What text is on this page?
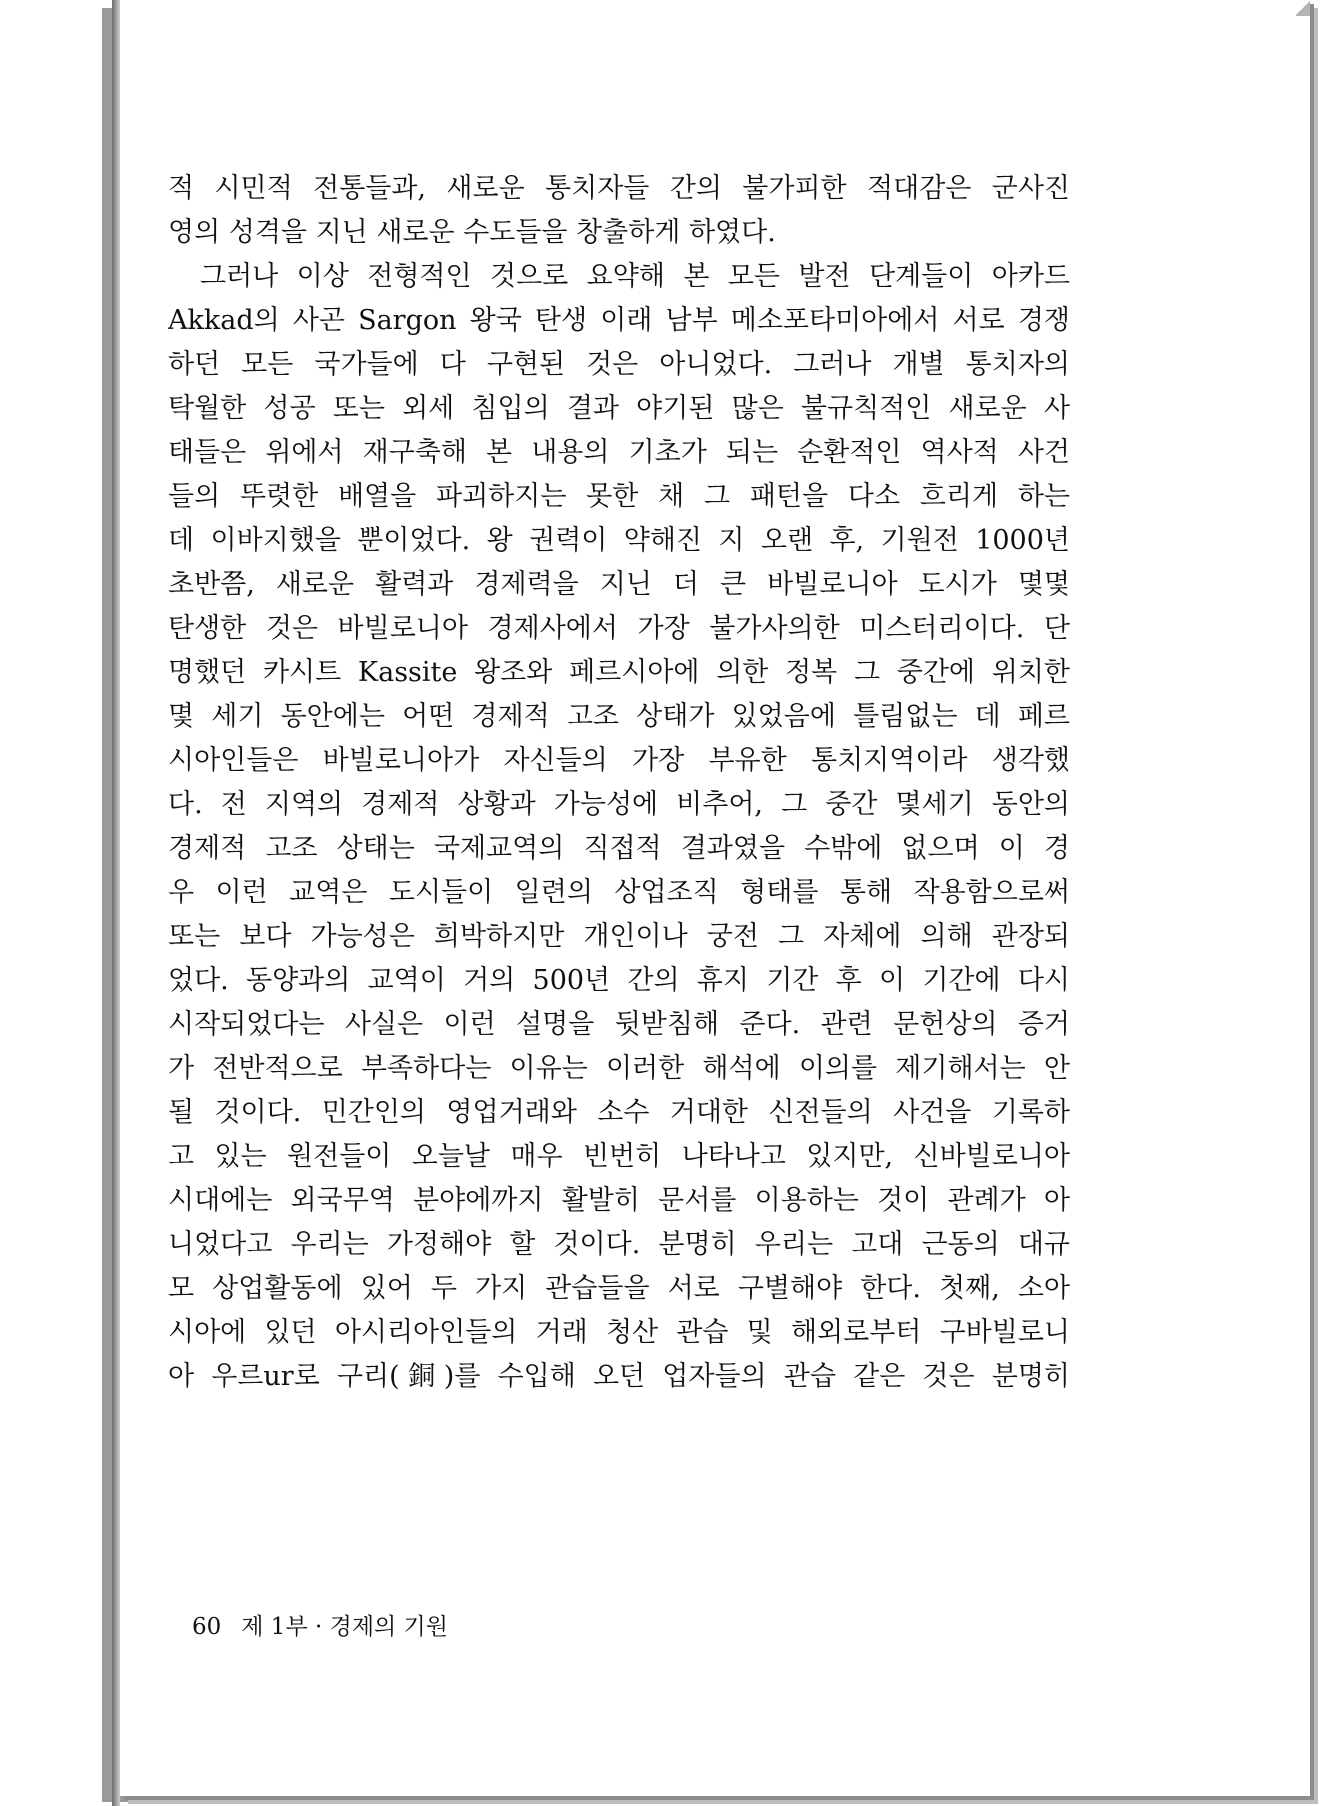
적 시민적 전통들과, 새로운 통치자들 간의 불가피한 적대감은 군사진
영의 성격을 지닌 새로운 수도들을 창출하게 하였다.
그러나 이상 전형적인 것으로 요약해 본 모든 발전 단계들이 아카드
Akkad의 사곤 Sargon 왕국 탄생 이래 남부 메소포타미아에서 서로 경쟁
하던 모든 국가들에 다 구현된 것은 아니었다. 그러나 개별 통치자의
탁월한 성공 또는 외세 침입의 결과 야기된 많은 불규칙적인 새로운 사
태들은 위에서 재구축해 본 내용의 기초가 되는 순환적인 역사적 사건
들의 뚜렷한 배열을 파괴하지는 못한 채 그 패턴을 다소 흐리게 하는
데 이바지했을 뿐이었다. 왕 권력이 약해진 지 오랜 후, 기원전 1000년
초반쯤, 새로운 활력과 경제력을 지닌 더 큰 바빌로니아 도시가 몇몇
탄생한 것은 바빌로니아 경제사에서 가장 불가사의한 미스터리이다. 단
명했던 카시트 Kassite 왕조와 페르시아에 의한 정복 그 중간에 위치한
몇 세기 동안에는 어떤 경제적 고조 상태가 있었음에 틀림없는 데 페르
시아인들은 바빌로니아가 자신들의 가장 부유한 통치지역이라 생각했
다. 전 지역의 경제적 상황과 가능성에 비추어, 그 중간 몇세기 동안의
경제적 고조 상태는 국제교역의 직접적 결과였을 수밖에 없으며 이 경
우 이런 교역은 도시들이 일련의 상업조직 형태를 통해 작용함으로써
또는 보다 가능성은 희박하지만 개인이나 궁전 그 자체에 의해 관장되
었다. 동양과의 교역이 거의 500년 간의 휴지 기간 후 이 기간에 다시
시작되었다는 사실은 이런 설명을 뒷받침해 준다. 관련 문헌상의 증거
가 전반적으로 부족하다는 이유는 이러한 해석에 이의를 제기해서는 안
될 것이다. 민간인의 영업거래와 소수 거대한 신전들의 사건을 기록하
고 있는 원전들이 오늘날 매우 빈번히 나타나고 있지만, 신바빌로니아
시대에는 외국무역 분야에까지 활발히 문서를 이용하는 것이 관례가 아
니었다고 우리는 가정해야 할 것이다. 분명히 우리는 고대 근동의 대규
모 상업활동에 있어 두 가지 관습들을 서로 구별해야 한다. 첫째, 소아
시아에 있던 아시리아인들의 거래 청산 관습 및 해외로부터 구바빌로니
아 우르ur로 구리(銅)를 수입해 오던 업자들의 관습 같은 것은 분명히
60 제 1부 · 경제의 기원
